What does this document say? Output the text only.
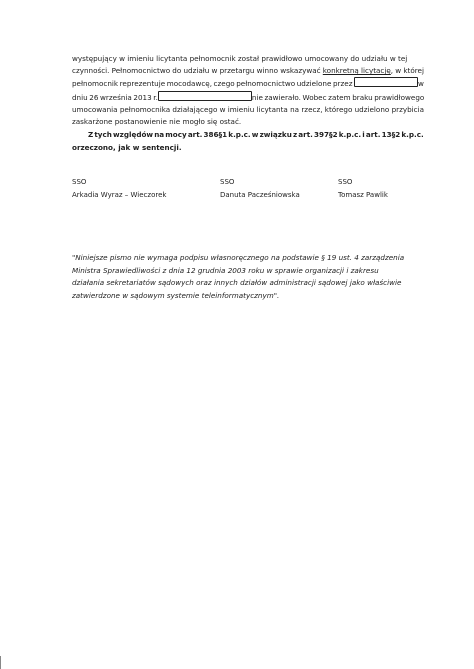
występujący w imieniu licytanta pełnomocnik został prawidłowo umocowany do udziału w tej
czynności. Pełnomocnictwo do udziału w przetargu winno wskazywać konkretną licytację, w której
pełnomocnik reprezentuje mocodawcę, czego pełnomocnictwo udzielone przez	w
dniu 26 września 2013 r.	nie zawierało. Wobec zatem braku prawidłowego
umocowania pełnomocnika działającego w imieniu licytanta na rzecz, którego udzielono przybicia
zaskarżone postanowienie nie mogło się ostać.
Z tych względów na mocy art. 386§1 k.p.c. w związku z art. 397§2 k.p.c. i art. 13§2 k.p.c.
orzeczono, jak w sentencji.
SSO
Arkadia Wyraz – Wieczorek
SSO
Danuta Pacześniowska
SSO
Tomasz Pawlik
"Niniejsze pismo nie wymaga podpisu własnoręcznego na podstawie § 19 ust. 4 zarządzenia
Ministra Sprawiedliwości z dnia 12 grudnia 2003 roku w sprawie organizacji i zakresu
działania sekretariatów sądowych oraz innych działów administracji sądowej jako właściwie
zatwierdzone w sądowym systemie teleinformatycznym".
